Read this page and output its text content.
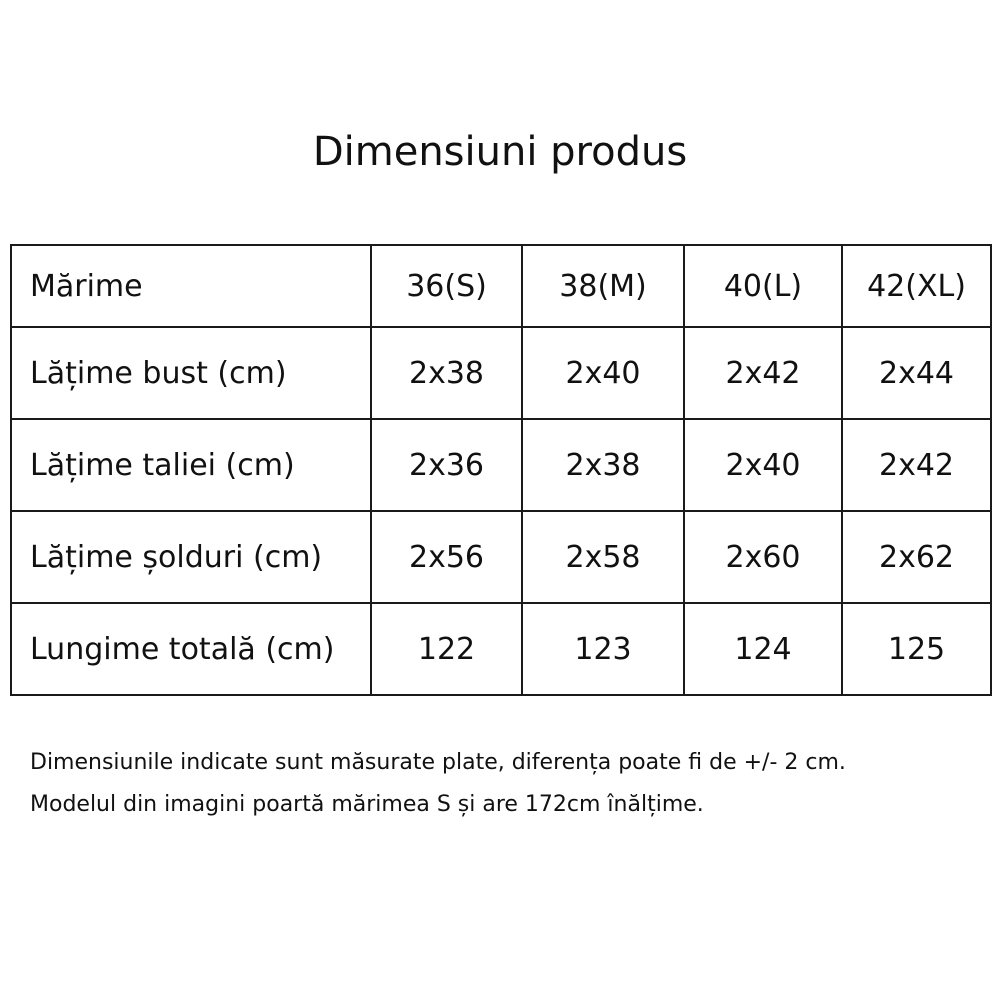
Dimensiuni produs
Mărime	36(S)	38(M)	40(L)	42(XL)
Lățime bust (cm)	2x38	2x40	2x42	2x44
Lățime taliei (cm)	2x36	2x38	2x40	2x42
Lățime șolduri (cm)	2x56	2x58	2x60	2x62
Lungime totală (cm)	122	123	124	125

Dimensiunile indicate sunt măsurate plate, diferența poate fi de +/- 2 cm.

Modelul din imagini poartă mărimea S și are 172cm înălțime.
